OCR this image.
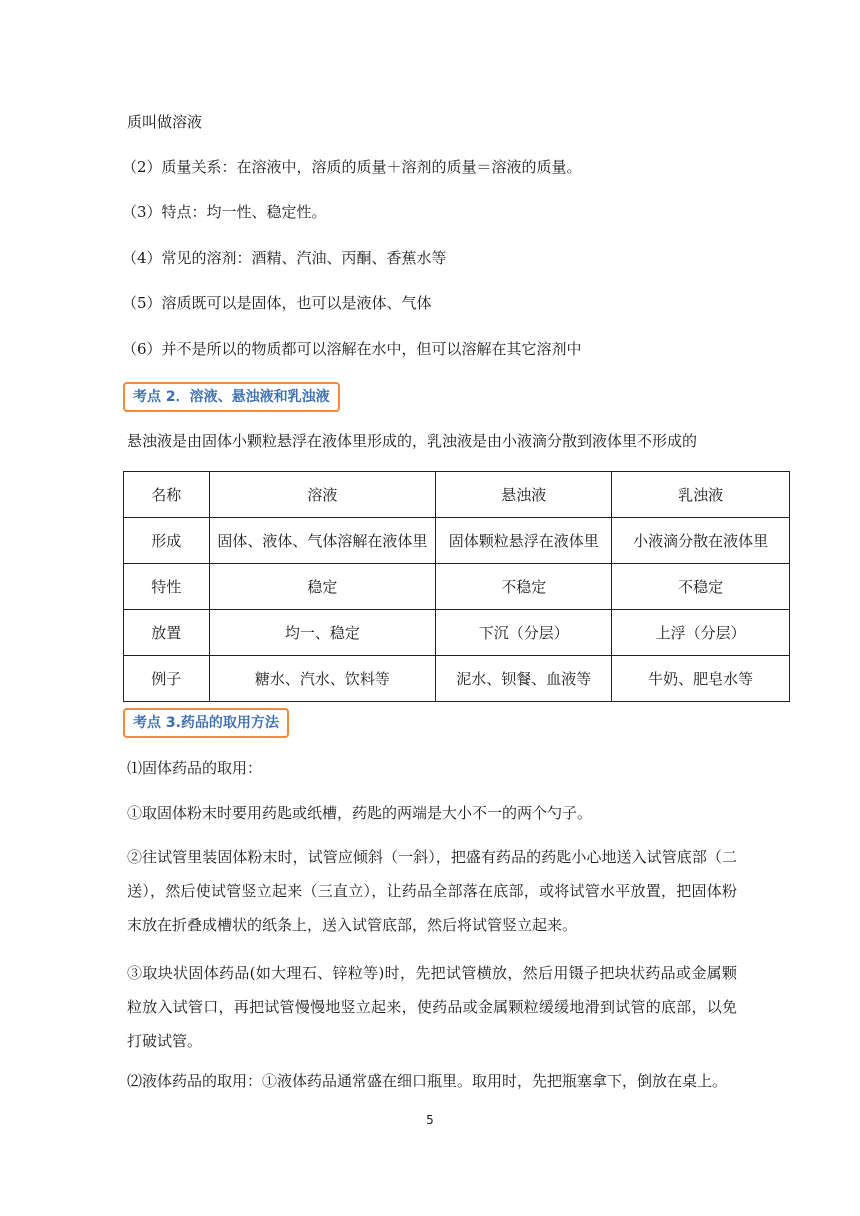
质叫做溶液
（2）质量关系：在溶液中，溶质的质量＋溶剂的质量＝溶液的质量。
（3）特点：均一性、稳定性。
（4）常见的溶剂：酒精、汽油、丙酮、香蕉水等
（5）溶质既可以是固体，也可以是液体、气体
（6）并不是所以的物质都可以溶解在水中，但可以溶解在其它溶剂中
考点 2．溶液、悬浊液和乳浊液
悬浊液是由固体小颗粒悬浮在液体里形成的，乳浊液是由小液滴分散到液体里不形成的
名称	溶液	悬浊液	乳浊液
形成	固体、液体、气体溶解在液体里	固体颗粒悬浮在液体里	小液滴分散在液体里
特性	稳定	不稳定	不稳定
放置	均一、稳定	下沉（分层）	上浮（分层）
例子	糖水、汽水、饮料等	泥水、钡餐、血液等	牛奶、肥皂水等
考点 3.药品的取用方法
⑴固体药品的取用：
①取固体粉末时要用药匙或纸槽，药匙的两端是大小不一的两个勺子。
②往试管里装固体粉末时，试管应倾斜（一斜），把盛有药品的药匙小心地送入试管底部（二送），然后使试管竖立起来（三直立），让药品全部落在底部，或将试管水平放置，把固体粉末放在折叠成槽状的纸条上，送入试管底部，然后将试管竖立起来。
③取块状固体药品(如大理石、锌粒等)时，先把试管横放，然后用镊子把块状药品或金属颗粒放入试管口，再把试管慢慢地竖立起来，使药品或金属颗粒缓缓地滑到试管的底部，以免打破试管。
⑵液体药品的取用：①液体药品通常盛在细口瓶里。取用时，先把瓶塞拿下，倒放在桌上。
5
